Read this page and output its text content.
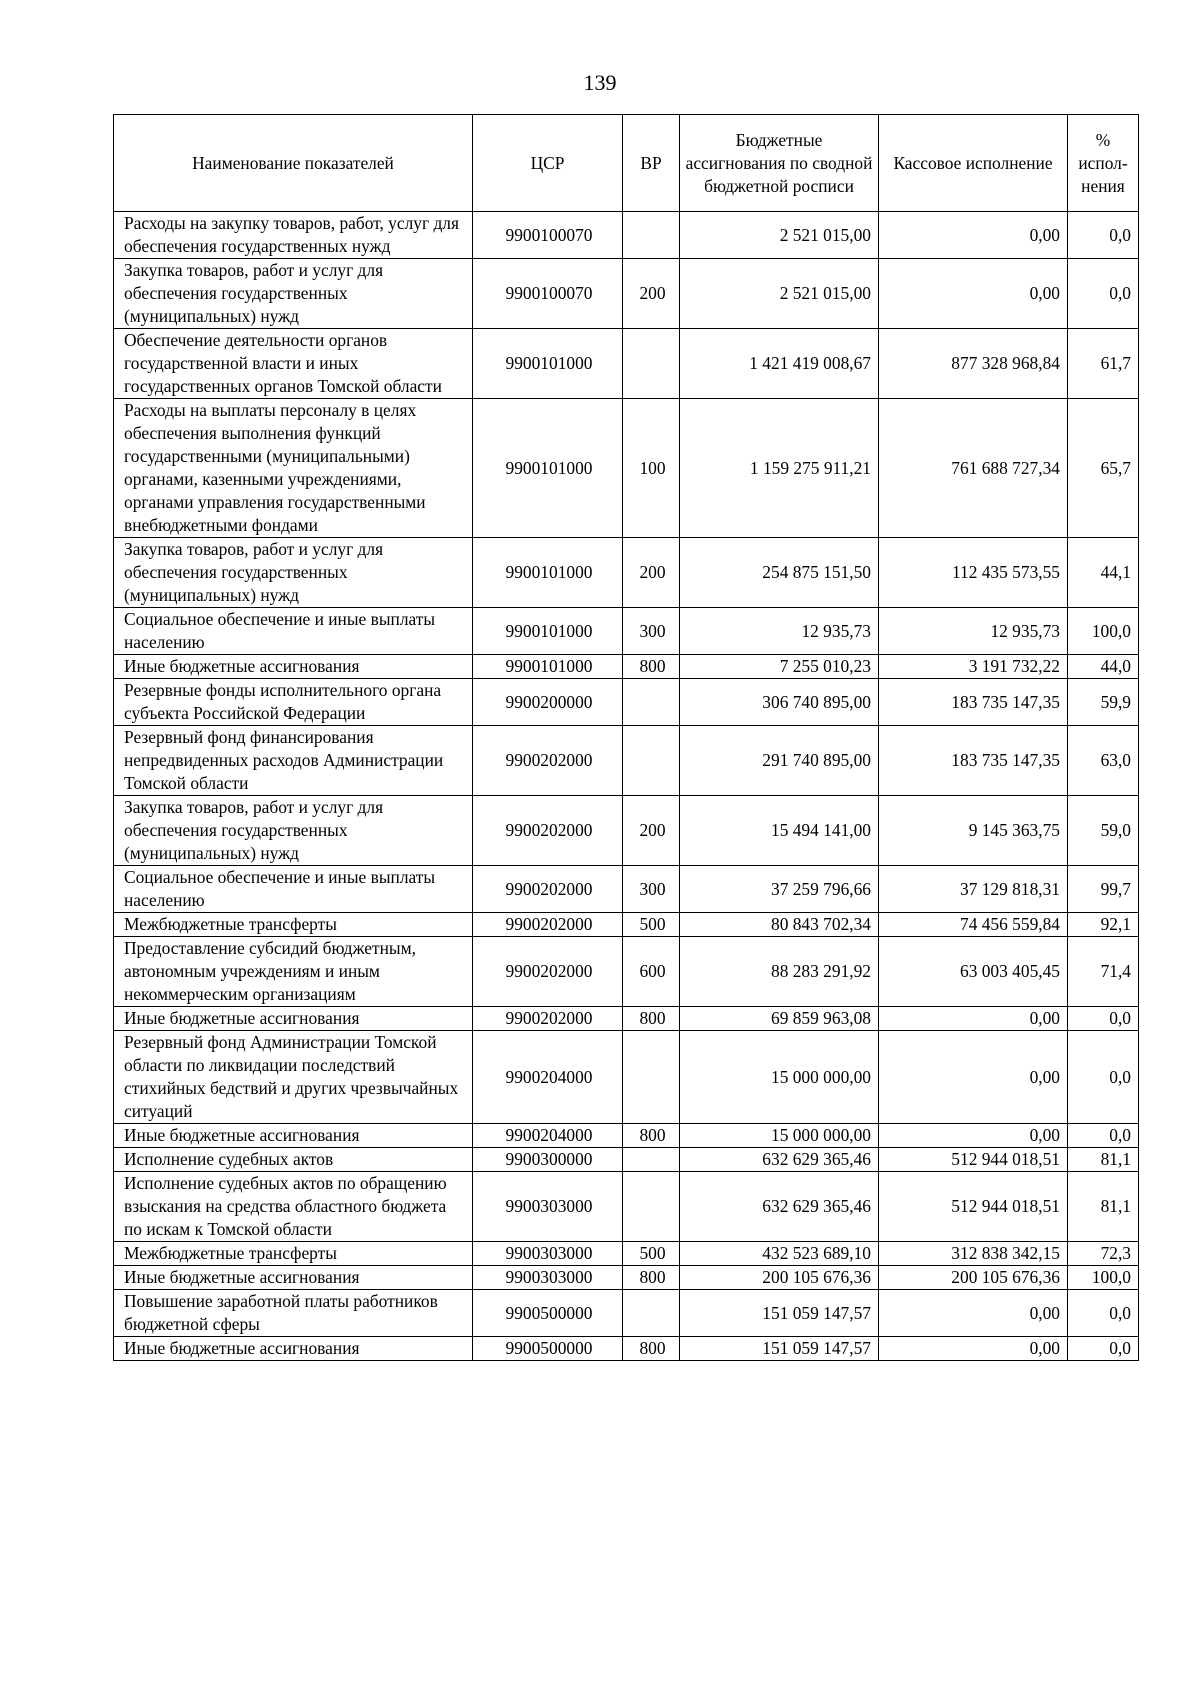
139
Наименование показателей	ЦСР	ВР	Бюджетные ассигнования по сводной бюджетной росписи	Кассовое исполнение	% испол-нения
Расходы на закупку товаров, работ, услуг для обеспечения государственных нужд	9900100070		2 521 015,00	0,00	0,0
Закупка товаров, работ и услуг для обеспечения государственных (муниципальных) нужд	9900100070	200	2 521 015,00	0,00	0,0
Обеспечение деятельности органов государственной власти и иных государственных органов Томской области	9900101000		1 421 419 008,67	877 328 968,84	61,7
Расходы на выплаты персоналу в целях обеспечения выполнения функций государственными (муниципальными) органами, казенными учреждениями, органами управления государственными внебюджетными фондами	9900101000	100	1 159 275 911,21	761 688 727,34	65,7
Закупка товаров, работ и услуг для обеспечения государственных (муниципальных) нужд	9900101000	200	254 875 151,50	112 435 573,55	44,1
Социальное обеспечение и иные выплаты населению	9900101000	300	12 935,73	12 935,73	100,0
Иные бюджетные ассигнования	9900101000	800	7 255 010,23	3 191 732,22	44,0
Резервные фонды исполнительного органа субъекта Российской Федерации	9900200000		306 740 895,00	183 735 147,35	59,9
Резервный фонд финансирования непредвиденных расходов Администрации Томской области	9900202000		291 740 895,00	183 735 147,35	63,0
Закупка товаров, работ и услуг для обеспечения государственных (муниципальных) нужд	9900202000	200	15 494 141,00	9 145 363,75	59,0
Социальное обеспечение и иные выплаты населению	9900202000	300	37 259 796,66	37 129 818,31	99,7
Межбюджетные трансферты	9900202000	500	80 843 702,34	74 456 559,84	92,1
Предоставление субсидий бюджетным, автономным учреждениям и иным некоммерческим организациям	9900202000	600	88 283 291,92	63 003 405,45	71,4
Иные бюджетные ассигнования	9900202000	800	69 859 963,08	0,00	0,0
Резервный фонд Администрации Томской области по ликвидации последствий стихийных бедствий и других чрезвычайных ситуаций	9900204000		15 000 000,00	0,00	0,0
Иные бюджетные ассигнования	9900204000	800	15 000 000,00	0,00	0,0
Исполнение судебных актов	9900300000		632 629 365,46	512 944 018,51	81,1
Исполнение судебных актов по обращению взыскания на средства областного бюджета по искам к Томской области	9900303000		632 629 365,46	512 944 018,51	81,1
Межбюджетные трансферты	9900303000	500	432 523 689,10	312 838 342,15	72,3
Иные бюджетные ассигнования	9900303000	800	200 105 676,36	200 105 676,36	100,0
Повышение заработной платы работников бюджетной сферы	9900500000		151 059 147,57	0,00	0,0
Иные бюджетные ассигнования	9900500000	800	151 059 147,57	0,00	0,0
